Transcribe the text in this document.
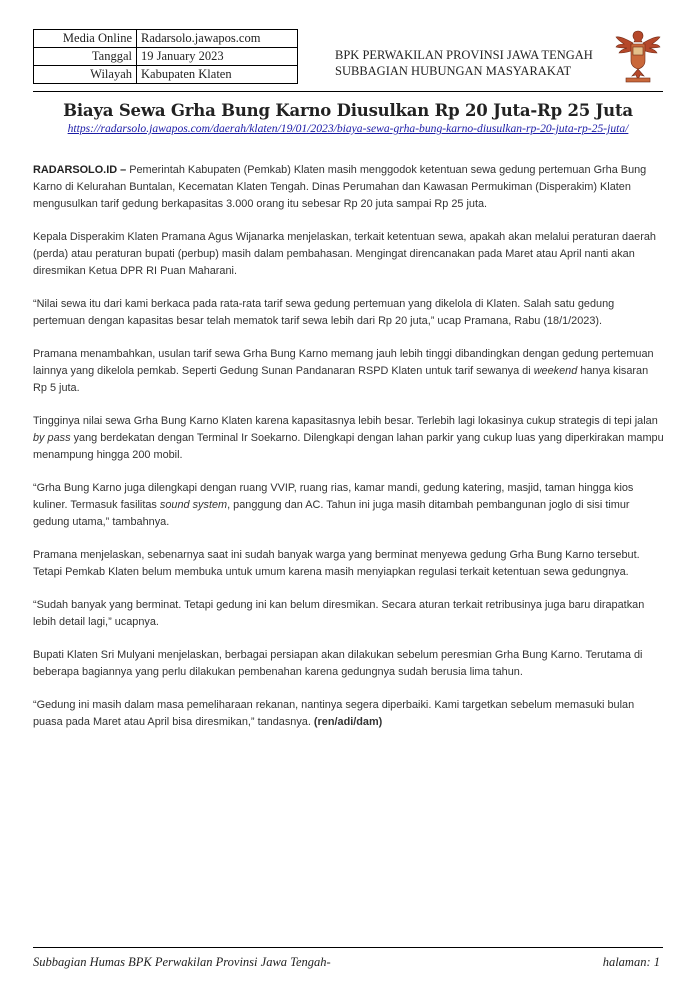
Media Online	Radarsolo.jawapos.com
Tanggal	19 January 2023
Wilayah	Kabupaten Klaten
BPK PERWAKILAN PROVINSI JAWA TENGAH
SUBBAGIAN HUBUNGAN MASYARAKAT
Biaya Sewa Grha Bung Karno Diusulkan Rp 20 Juta-Rp 25 Juta
https://radarsolo.jawapos.com/daerah/klaten/19/01/2023/biaya-sewa-grha-bung-karno-diusulkan-rp-20-juta-rp-25-juta/

RADARSOLO.ID – Pemerintah Kabupaten (Pemkab) Klaten masih menggodok ketentuan sewa gedung pertemuan Grha Bung Karno di Kelurahan Buntalan, Kecematan Klaten Tengah. Dinas Perumahan dan Kawasan Permukiman (Disperakim) Klaten mengusulkan tarif gedung berkapasitas 3.000 orang itu sebesar Rp 20 juta sampai Rp 25 juta.

Kepala Disperakim Klaten Pramana Agus Wijanarka menjelaskan, terkait ketentuan sewa, apakah akan melalui peraturan daerah (perda) atau peraturan bupati (perbup) masih dalam pembahasan. Mengingat direncanakan pada Maret atau April nanti akan diresmikan Ketua DPR RI Puan Maharani.

“Nilai sewa itu dari kami berkaca pada rata-rata tarif sewa gedung pertemuan yang dikelola di Klaten. Salah satu gedung pertemuan dengan kapasitas besar telah mematok tarif sewa lebih dari Rp 20 juta,” ucap Pramana, Rabu (18/1/2023).

Pramana menambahkan, usulan tarif sewa Grha Bung Karno memang jauh lebih tinggi dibandingkan dengan gedung pertemuan lainnya yang dikelola pemkab. Seperti Gedung Sunan Pandanaran RSPD Klaten untuk tarif sewanya di weekend hanya kisaran Rp 5 juta.

Tingginya nilai sewa Grha Bung Karno Klaten karena kapasitasnya lebih besar. Terlebih lagi lokasinya cukup strategis di tepi jalan by pass yang berdekatan dengan Terminal Ir Soekarno. Dilengkapi dengan lahan parkir yang cukup luas yang diperkirakan mampu menampung hingga 200 mobil.

“Grha Bung Karno juga dilengkapi dengan ruang VVIP, ruang rias, kamar mandi, gedung katering, masjid, taman hingga kios kuliner. Termasuk fasilitas sound system, panggung dan AC. Tahun ini juga masih ditambah pembangunan joglo di sisi timur gedung utama,” tambahnya.

Pramana menjelaskan, sebenarnya saat ini sudah banyak warga yang berminat menyewa gedung Grha Bung Karno tersebut. Tetapi Pemkab Klaten belum membuka untuk umum karena masih menyiapkan regulasi terkait ketentuan sewa gedungnya.

“Sudah banyak yang berminat. Tetapi gedung ini kan belum diresmikan. Secara aturan terkait retribusinya juga baru dirapatkan lebih detail lagi,” ucapnya.

Bupati Klaten Sri Mulyani menjelaskan, berbagai persiapan akan dilakukan sebelum peresmian Grha Bung Karno. Terutama di beberapa bagiannya yang perlu dilakukan pembenahan karena gedungnya sudah berusia lima tahun.

“Gedung ini masih dalam masa pemeliharaan rekanan, nantinya segera diperbaiki. Kami targetkan sebelum memasuki bulan puasa pada Maret atau April bisa diresmikan,” tandasnya. (ren/adi/dam)

Subbagian Humas BPK Perwakilan Provinsi Jawa Tengah-	halaman: 1
